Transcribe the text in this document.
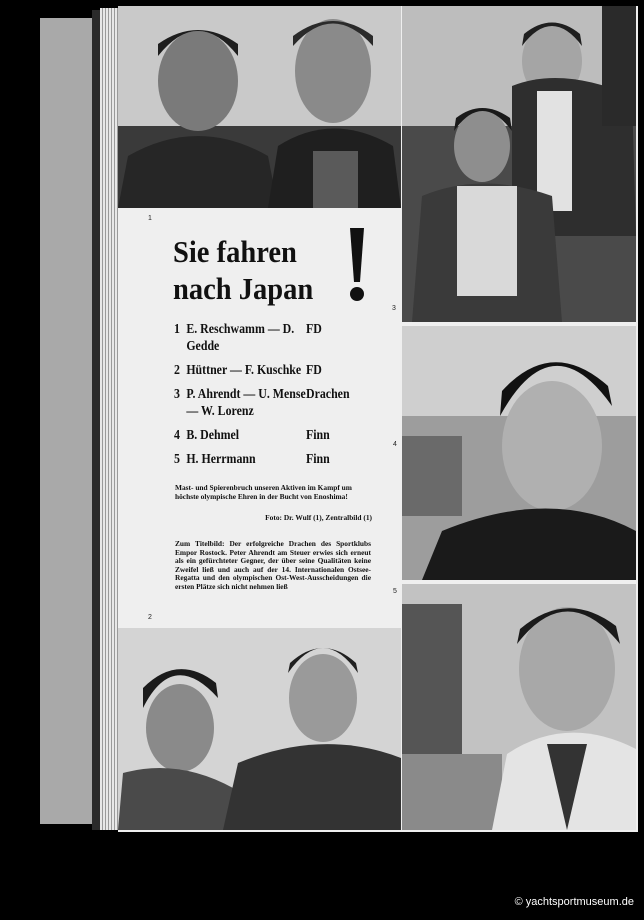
1
2
3
4
5
Sie fahren
nach Japan
1 E. Reschwamm — D. Gedde
FD
2 Hüttner — F. Kuschke FD
3 P. Ahrendt — U. Mense — W. Lorenz
Drachen
4 B. Dehmel	Finn
5 H. Herrmann	Finn

Mast- und Spierenbruch unseren Aktiven im Kampf um höchste olympische Ehren in der Bucht von Enoshima!

Foto: Dr. Wulf (1), Zentralbild (1)

Zum Titelbild: Der erfolgreiche Drachen des Sportklubs Empor Rostock. Peter Ahrendt am Steuer erwies sich erneut als ein gefürchteter Gegner, der über seine Qualitäten keine Zweifel ließ und auch auf der 14. Internationalen Ostsee-Regatta und den olympischen Ost-West-Ausscheidungen die ersten Plätze sich nicht nehmen ließ

© yachtsportmuseum.de
